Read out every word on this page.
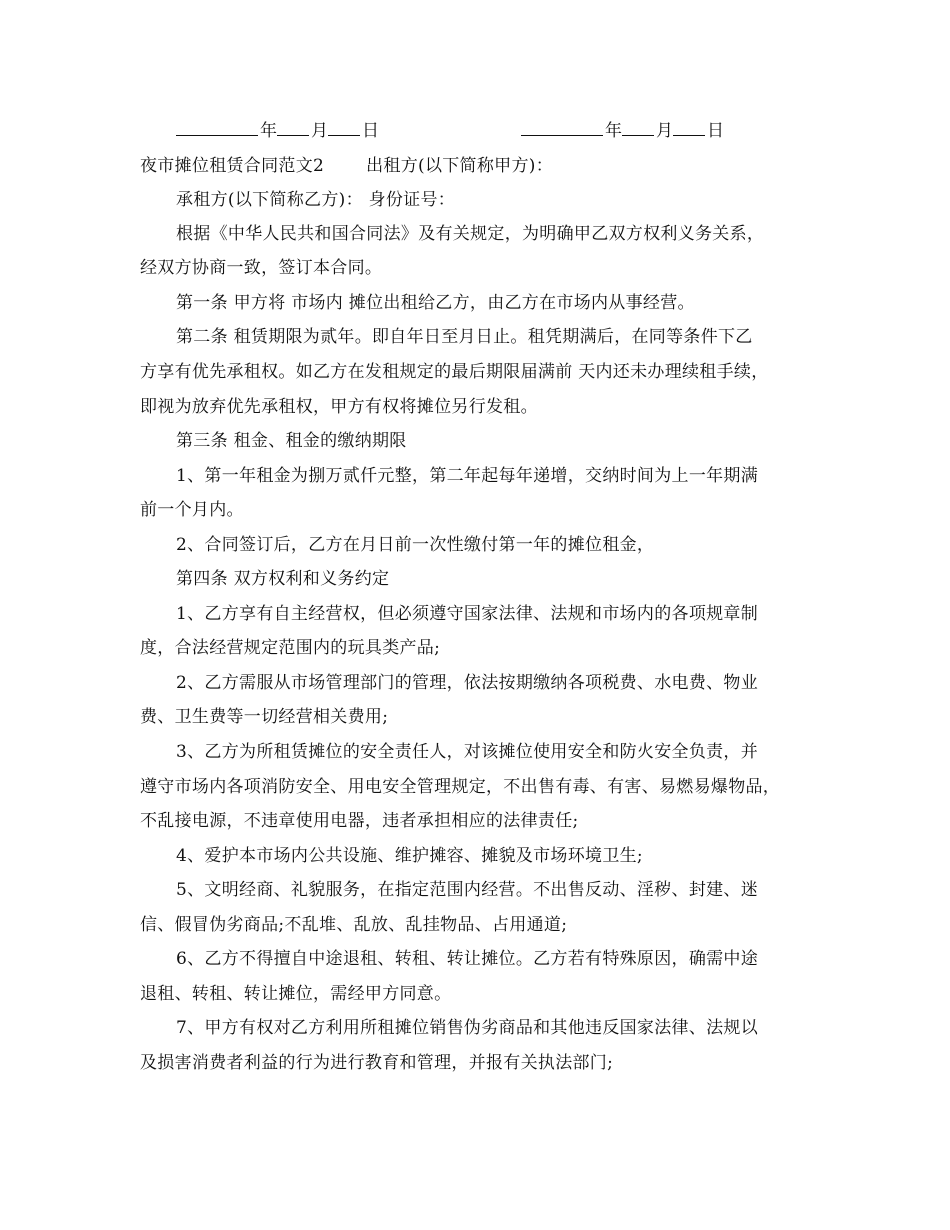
年 月 日	年 月 日
夜市摊位租赁合同范文2 出租方(以下简称甲方)：
承租方(以下简称乙方)： 身份证号：
根据《中华人民共和国合同法》及有关规定，为明确甲乙双方权利义务关系，
经双方协商一致，签订本合同。
第一条 甲方将 市场内 摊位出租给乙方，由乙方在市场内从事经营。
第二条 租赁期限为贰年。即自年日至月日止。租凭期满后，在同等条件下乙
方享有优先承租权。如乙方在发租规定的最后期限届满前 天内还未办理续租手续，
即视为放弃优先承租权，甲方有权将摊位另行发租。
第三条 租金、租金的缴纳期限
1、第一年租金为捌万贰仟元整，第二年起每年递增，交纳时间为上一年期满
前一个月内。
2、合同签订后，乙方在月日前一次性缴付第一年的摊位租金，
第四条 双方权利和义务约定
1、乙方享有自主经营权，但必须遵守国家法律、法规和市场内的各项规章制
度，合法经营规定范围内的玩具类产品;
2、乙方需服从市场管理部门的管理，依法按期缴纳各项税费、水电费、物业
费、卫生费等一切经营相关费用;
3、乙方为所租赁摊位的安全责任人，对该摊位使用安全和防火安全负责，并
遵守市场内各项消防安全、用电安全管理规定，不出售有毒、有害、易燃易爆物品，
不乱接电源，不违章使用电器，违者承担相应的法律责任;
4、爱护本市场内公共设施、维护摊容、摊貌及市场环境卫生;
5、文明经商、礼貌服务，在指定范围内经营。不出售反动、淫秽、封建、迷
信、假冒伪劣商品;不乱堆、乱放、乱挂物品、占用通道;
6、乙方不得擅自中途退租、转租、转让摊位。乙方若有特殊原因，确需中途
退租、转租、转让摊位，需经甲方同意。
7、甲方有权对乙方利用所租摊位销售伪劣商品和其他违反国家法律、法规以
及损害消费者利益的行为进行教育和管理，并报有关执法部门;
